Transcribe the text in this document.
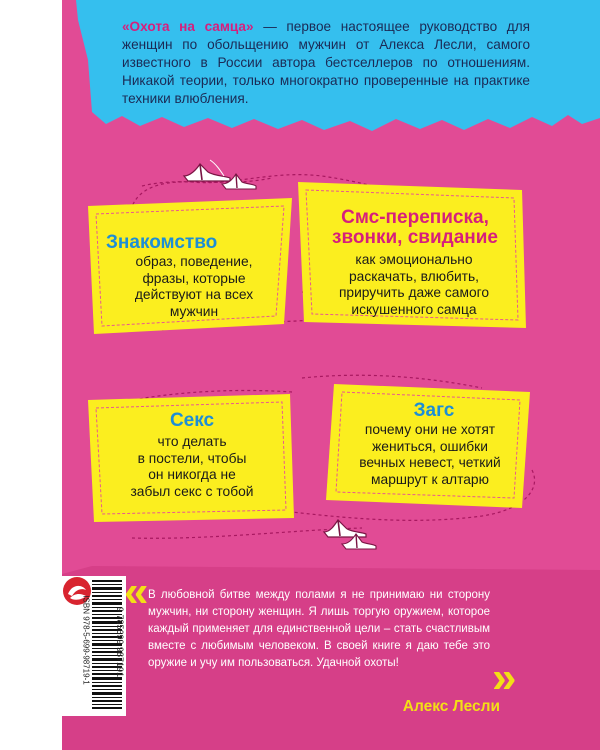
«Охота на самца» — первое настоящее руководство для женщин по обольщению мужчин от Алекса Лесли, самого известного в России автора бестселлеров по отношениям. Никакой теории, только многократно проверенные на практике техники влюбления.
Знакомство
образ, поведение,
фразы, которые
действуют на всех
мужчин
Смс-переписка,
звонки, свидание
как эмоционально
раскачать, влюбить,
приручить даже самого
искушенного самца
Секс
что делать
в постели, чтобы
он никогда не
забыл секс с тобой
Загс
почему они не хотят
жениться, ошибки
вечных невест, четкий
маршрут к алтарю
ISBN 978-5-699-98719-1	9 785699 987191
«
»
В любовной битве между полами я не принимаю ни сторону мужчин, ни сторону женщин. Я лишь торгую оружием, которое каждый применяет для единственной цели – стать счастливым вместе с любимым человеком. В своей книге я даю тебе это оружие и учу им пользоваться. Удачной охоты!
Алекс Лесли
